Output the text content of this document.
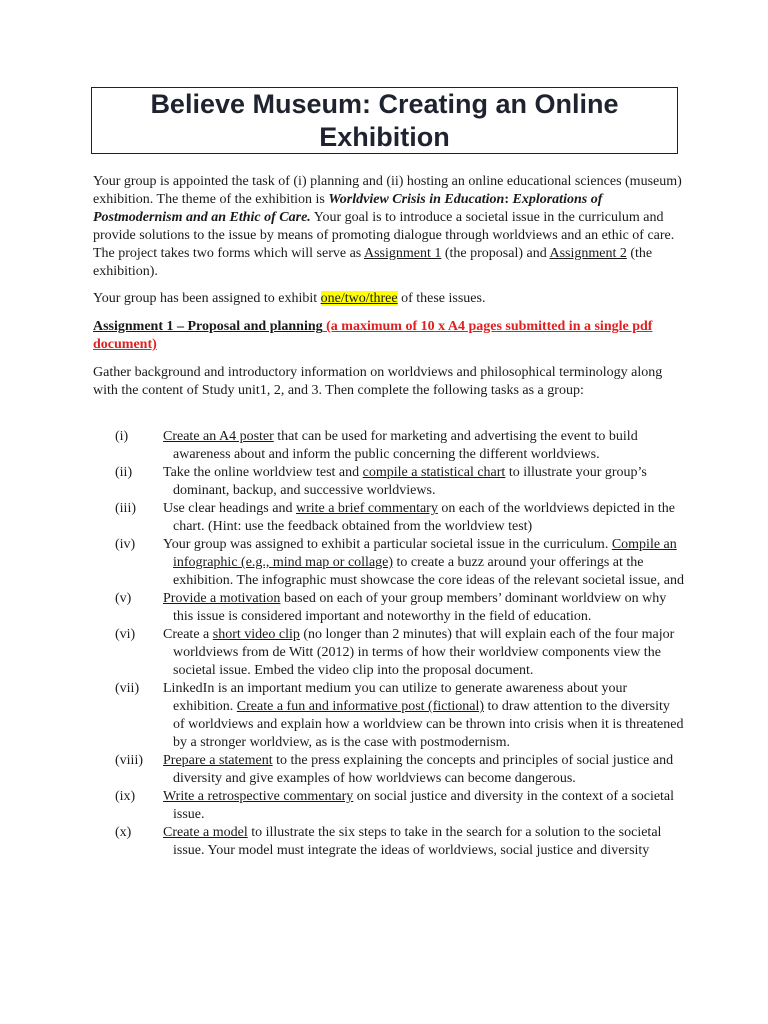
Believe Museum: Creating an Online Exhibition

Your group is appointed the task of (i) planning and (ii) hosting an online educational sciences (museum) exhibition. The theme of the exhibition is Worldview Crisis in Education: Explorations of Postmodernism and an Ethic of Care. Your goal is to introduce a societal issue in the curriculum and provide solutions to the issue by means of promoting dialogue through worldviews and an ethic of care. The project takes two forms which will serve as Assignment 1 (the proposal) and Assignment 2 (the exhibition).

Your group has been assigned to exhibit one/two/three of these issues.

Assignment 1 – Proposal and planning (a maximum of 10 x A4 pages submitted in a single pdf document)

Gather background and introductory information on worldviews and philosophical terminology along with the content of Study unit1, 2, and 3. Then complete the following tasks as a group:

(i) Create an A4 poster that can be used for marketing and advertising the event to build awareness about and inform the public concerning the different worldviews.
(ii) Take the online worldview test and compile a statistical chart to illustrate your group’s dominant, backup, and successive worldviews.
(iii) Use clear headings and write a brief commentary on each of the worldviews depicted in the chart. (Hint: use the feedback obtained from the worldview test)
(iv) Your group was assigned to exhibit a particular societal issue in the curriculum. Compile an infographic (e.g., mind map or collage) to create a buzz around your offerings at the exhibition. The infographic must showcase the core ideas of the relevant societal issue, and
(v) Provide a motivation based on each of your group members’ dominant worldview on why this issue is considered important and noteworthy in the field of education.
(vi) Create a short video clip (no longer than 2 minutes) that will explain each of the four major worldviews from de Witt (2012) in terms of how their worldview components view the societal issue. Embed the video clip into the proposal document.
(vii) LinkedIn is an important medium you can utilize to generate awareness about your exhibition. Create a fun and informative post (fictional) to draw attention to the diversity of worldviews and explain how a worldview can be thrown into crisis when it is threatened by a stronger worldview, as is the case with postmodernism.
(viii) Prepare a statement to the press explaining the concepts and principles of social justice and diversity and give examples of how worldviews can become dangerous.
(ix) Write a retrospective commentary on social justice and diversity in the context of a societal issue.
(x) Create a model to illustrate the six steps to take in the search for a solution to the societal issue. Your model must integrate the ideas of worldviews, social justice and diversity
